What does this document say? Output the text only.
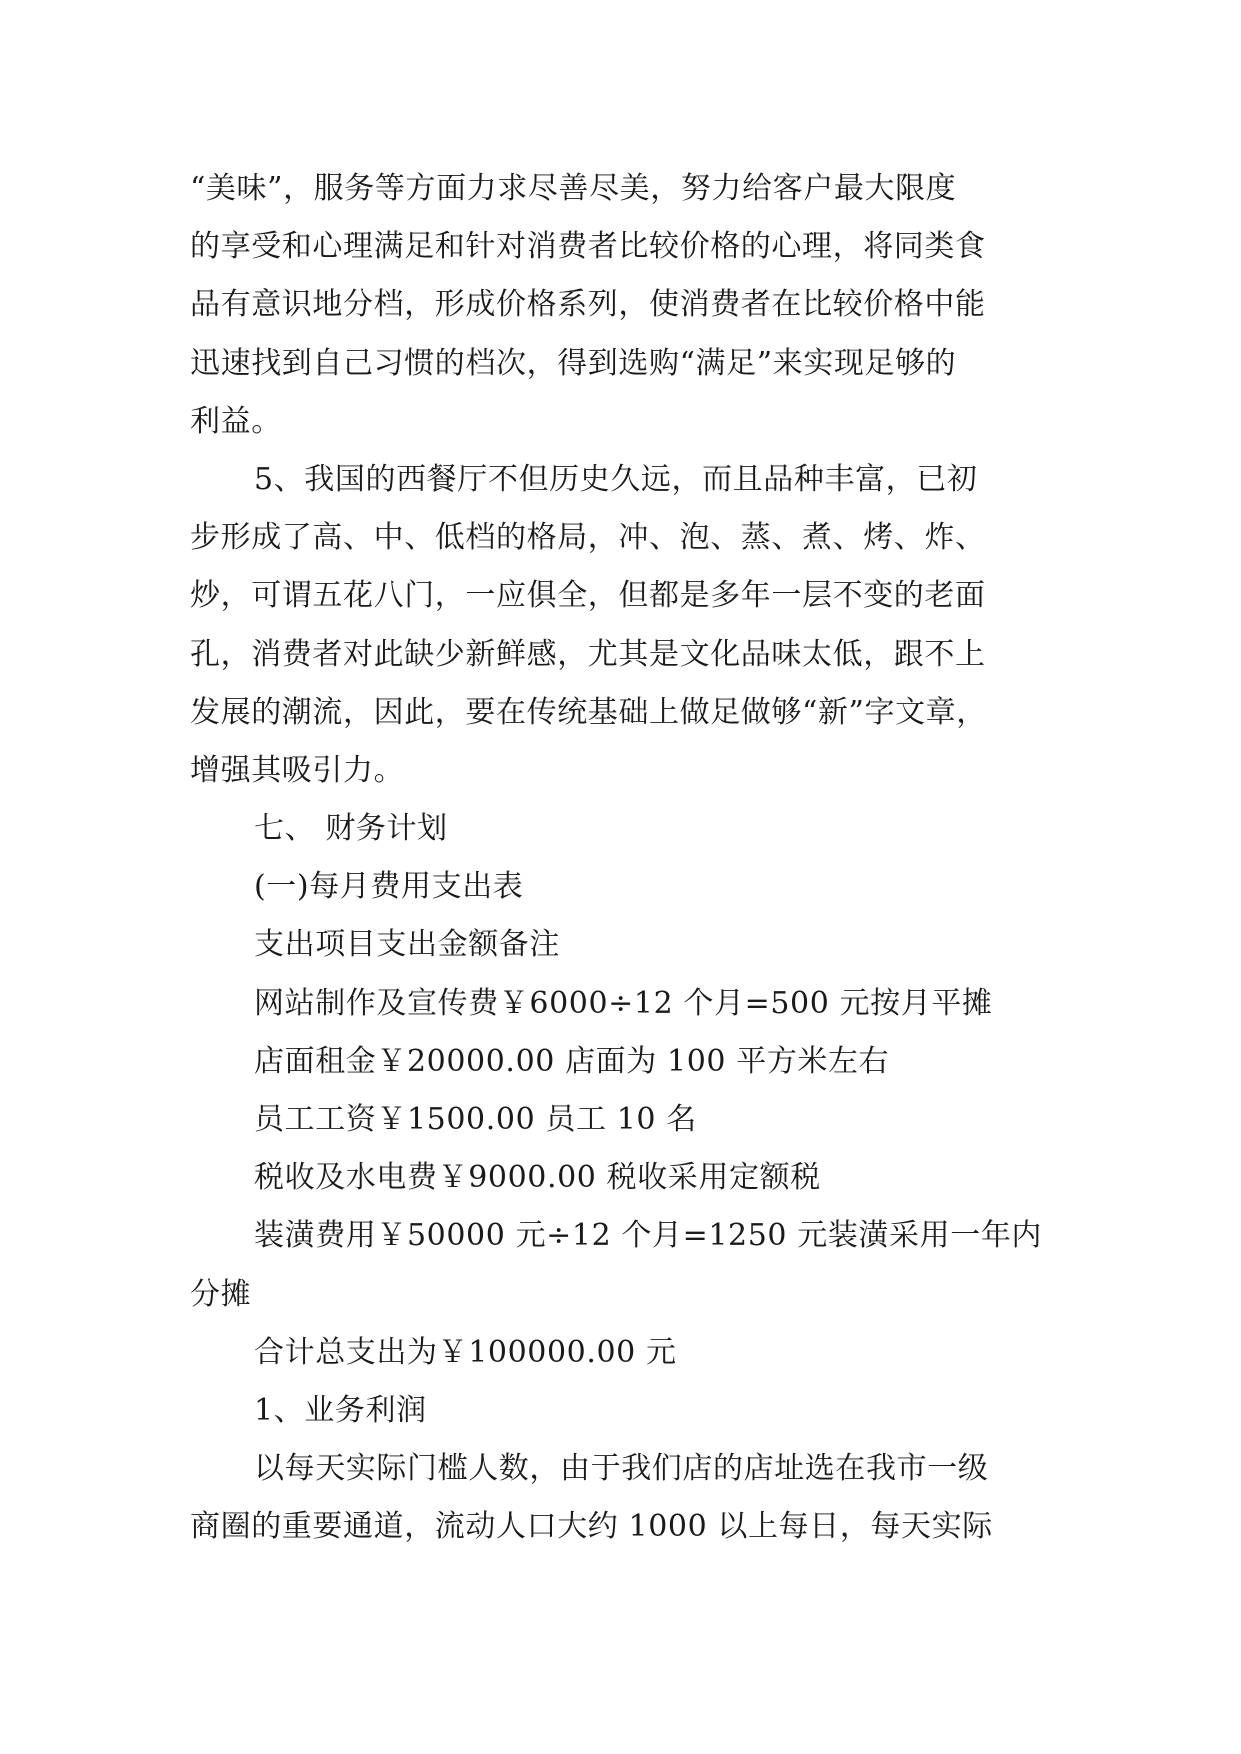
“美味”，服务等方面力求尽善尽美，努力给客户最大限度
的享受和心理满足和针对消费者比较价格的心理，将同类食
品有意识地分档，形成价格系列，使消费者在比较价格中能
迅速找到自己习惯的档次，得到选购“满足”来实现足够的
利益。
5、我国的西餐厅不但历史久远，而且品种丰富，已初
步形成了高、中、低档的格局，冲、泡、蒸、煮、烤、炸、
炒，可谓五花八门，一应俱全，但都是多年一层不变的老面
孔，消费者对此缺少新鲜感，尤其是文化品味太低，跟不上
发展的潮流，因此，要在传统基础上做足做够“新”字文章，
增强其吸引力。
七、 财务计划
(一)每月费用支出表
支出项目支出金额备注
网站制作及宣传费￥6000÷12 个月=500 元按月平摊
店面租金￥20000.00 店面为 100 平方米左右
员工工资￥1500.00 员工 10 名
税收及水电费￥9000.00 税收采用定额税
装潢费用￥50000 元÷12 个月=1250 元装潢采用一年内
分摊
合计总支出为￥100000.00 元
1、业务利润
以每天实际门槛人数，由于我们店的店址选在我市一级
商圈的重要通道，流动人口大约 1000 以上每日，每天实际
